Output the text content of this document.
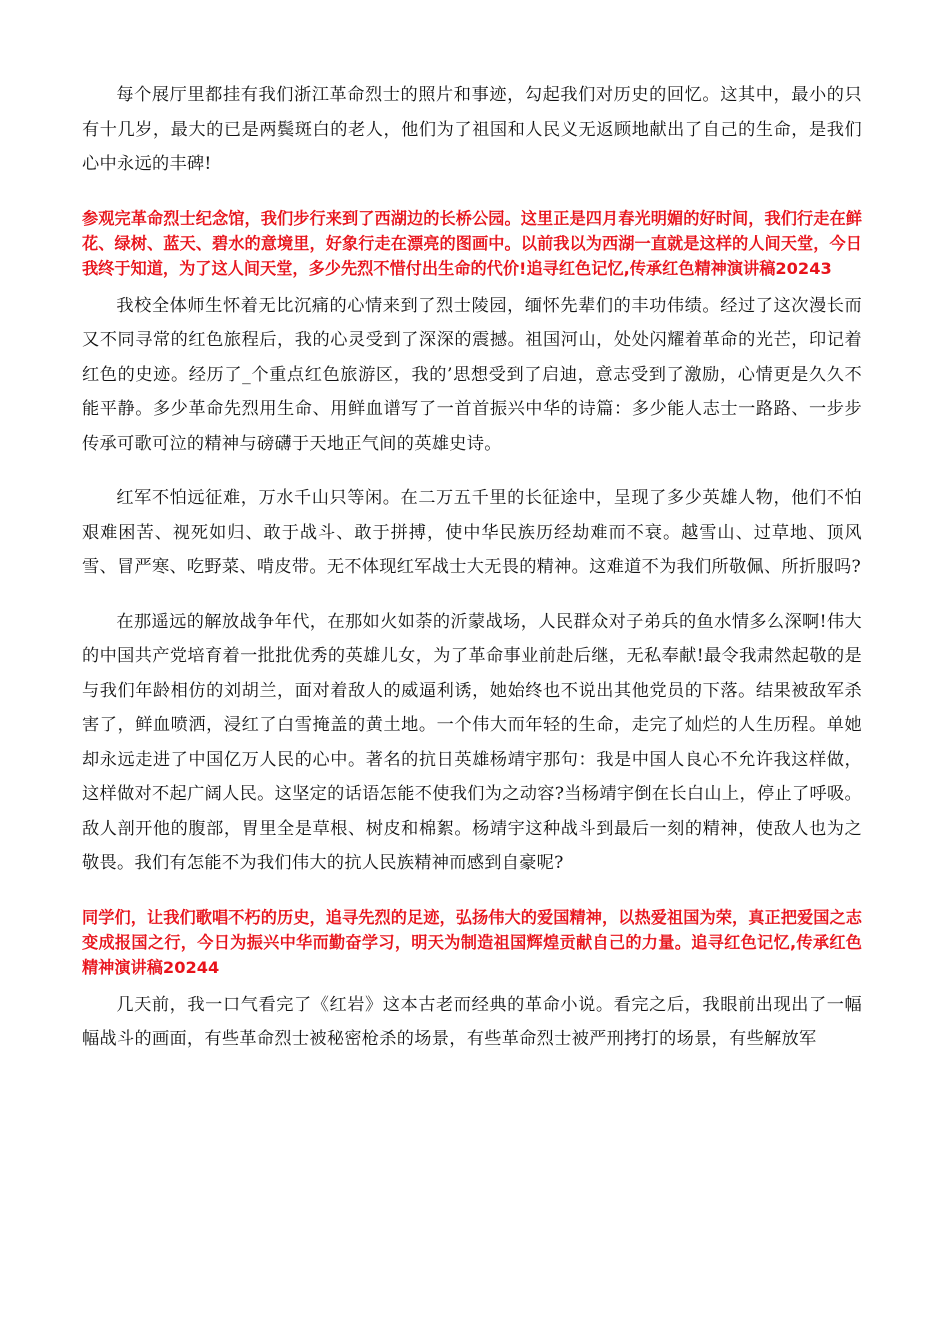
每个展厅里都挂有我们浙江革命烈士的照片和事迹，勾起我们对历史的回忆。这其中，最小的只有十几岁，最大的已是两鬓斑白的老人，他们为了祖国和人民义无返顾地献出了自己的生命，是我们心中永远的丰碑!

参观完革命烈士纪念馆，我们步行来到了西湖边的长桥公园。这里正是四月春光明媚的好时间，我们行走在鲜花、绿树、蓝天、碧水的意境里，好象行走在漂亮的图画中。以前我以为西湖一直就是这样的人间天堂，今日我终于知道，为了这人间天堂，多少先烈不惜付出生命的代价!追寻红色记忆,传承红色精神演讲稿20243

我校全体师生怀着无比沉痛的心情来到了烈士陵园，缅怀先辈们的丰功伟绩。经过了这次漫长而又不同寻常的红色旅程后，我的心灵受到了深深的震撼。祖国河山，处处闪耀着革命的光芒，印记着红色的史迹。经历了_个重点红色旅游区，我的’思想受到了启迪，意志受到了激励，心情更是久久不能平静。多少革命先烈用生命、用鲜血谱写了一首首振兴中华的诗篇：多少能人志士一路路、一步步传承可歌可泣的精神与磅礴于天地正气间的英雄史诗。

红军不怕远征难，万水千山只等闲。在二万五千里的长征途中，呈现了多少英雄人物，他们不怕艰难困苦、视死如归、敢于战斗、敢于拼搏，使中华民族历经劫难而不衰。越雪山、过草地、顶风雪、冒严寒、吃野菜、啃皮带。无不体现红军战士大无畏的精神。这难道不为我们所敬佩、所折服吗?

在那遥远的解放战争年代，在那如火如荼的沂蒙战场，人民群众对子弟兵的鱼水情多么深啊!伟大的中国共产党培育着一批批优秀的英雄儿女，为了革命事业前赴后继，无私奉献!最令我肃然起敬的是与我们年龄相仿的刘胡兰，面对着敌人的威逼利诱，她始终也不说出其他党员的下落。结果被敌军杀害了，鲜血喷洒，浸红了白雪掩盖的黄土地。一个伟大而年轻的生命，走完了灿烂的人生历程。单她却永远走进了中国亿万人民的心中。著名的抗日英雄杨靖宇那句：我是中国人良心不允许我这样做，这样做对不起广阔人民。这坚定的话语怎能不使我们为之动容?当杨靖宇倒在长白山上，停止了呼吸。敌人剖开他的腹部，胃里全是草根、树皮和棉絮。杨靖宇这种战斗到最后一刻的精神，使敌人也为之敬畏。我们有怎能不为我们伟大的抗人民族精神而感到自豪呢?

同学们，让我们歌唱不朽的历史，追寻先烈的足迹，弘扬伟大的爱国精神，以热爱祖国为荣，真正把爱国之志变成报国之行，今日为振兴中华而勤奋学习，明天为制造祖国辉煌贡献自己的力量。追寻红色记忆,传承红色精神演讲稿20244

几天前，我一口气看完了《红岩》这本古老而经典的革命小说。看完之后，我眼前出现出了一幅幅战斗的画面，有些革命烈士被秘密枪杀的场景，有些革命烈士被严刑拷打的场景，有些解放军
